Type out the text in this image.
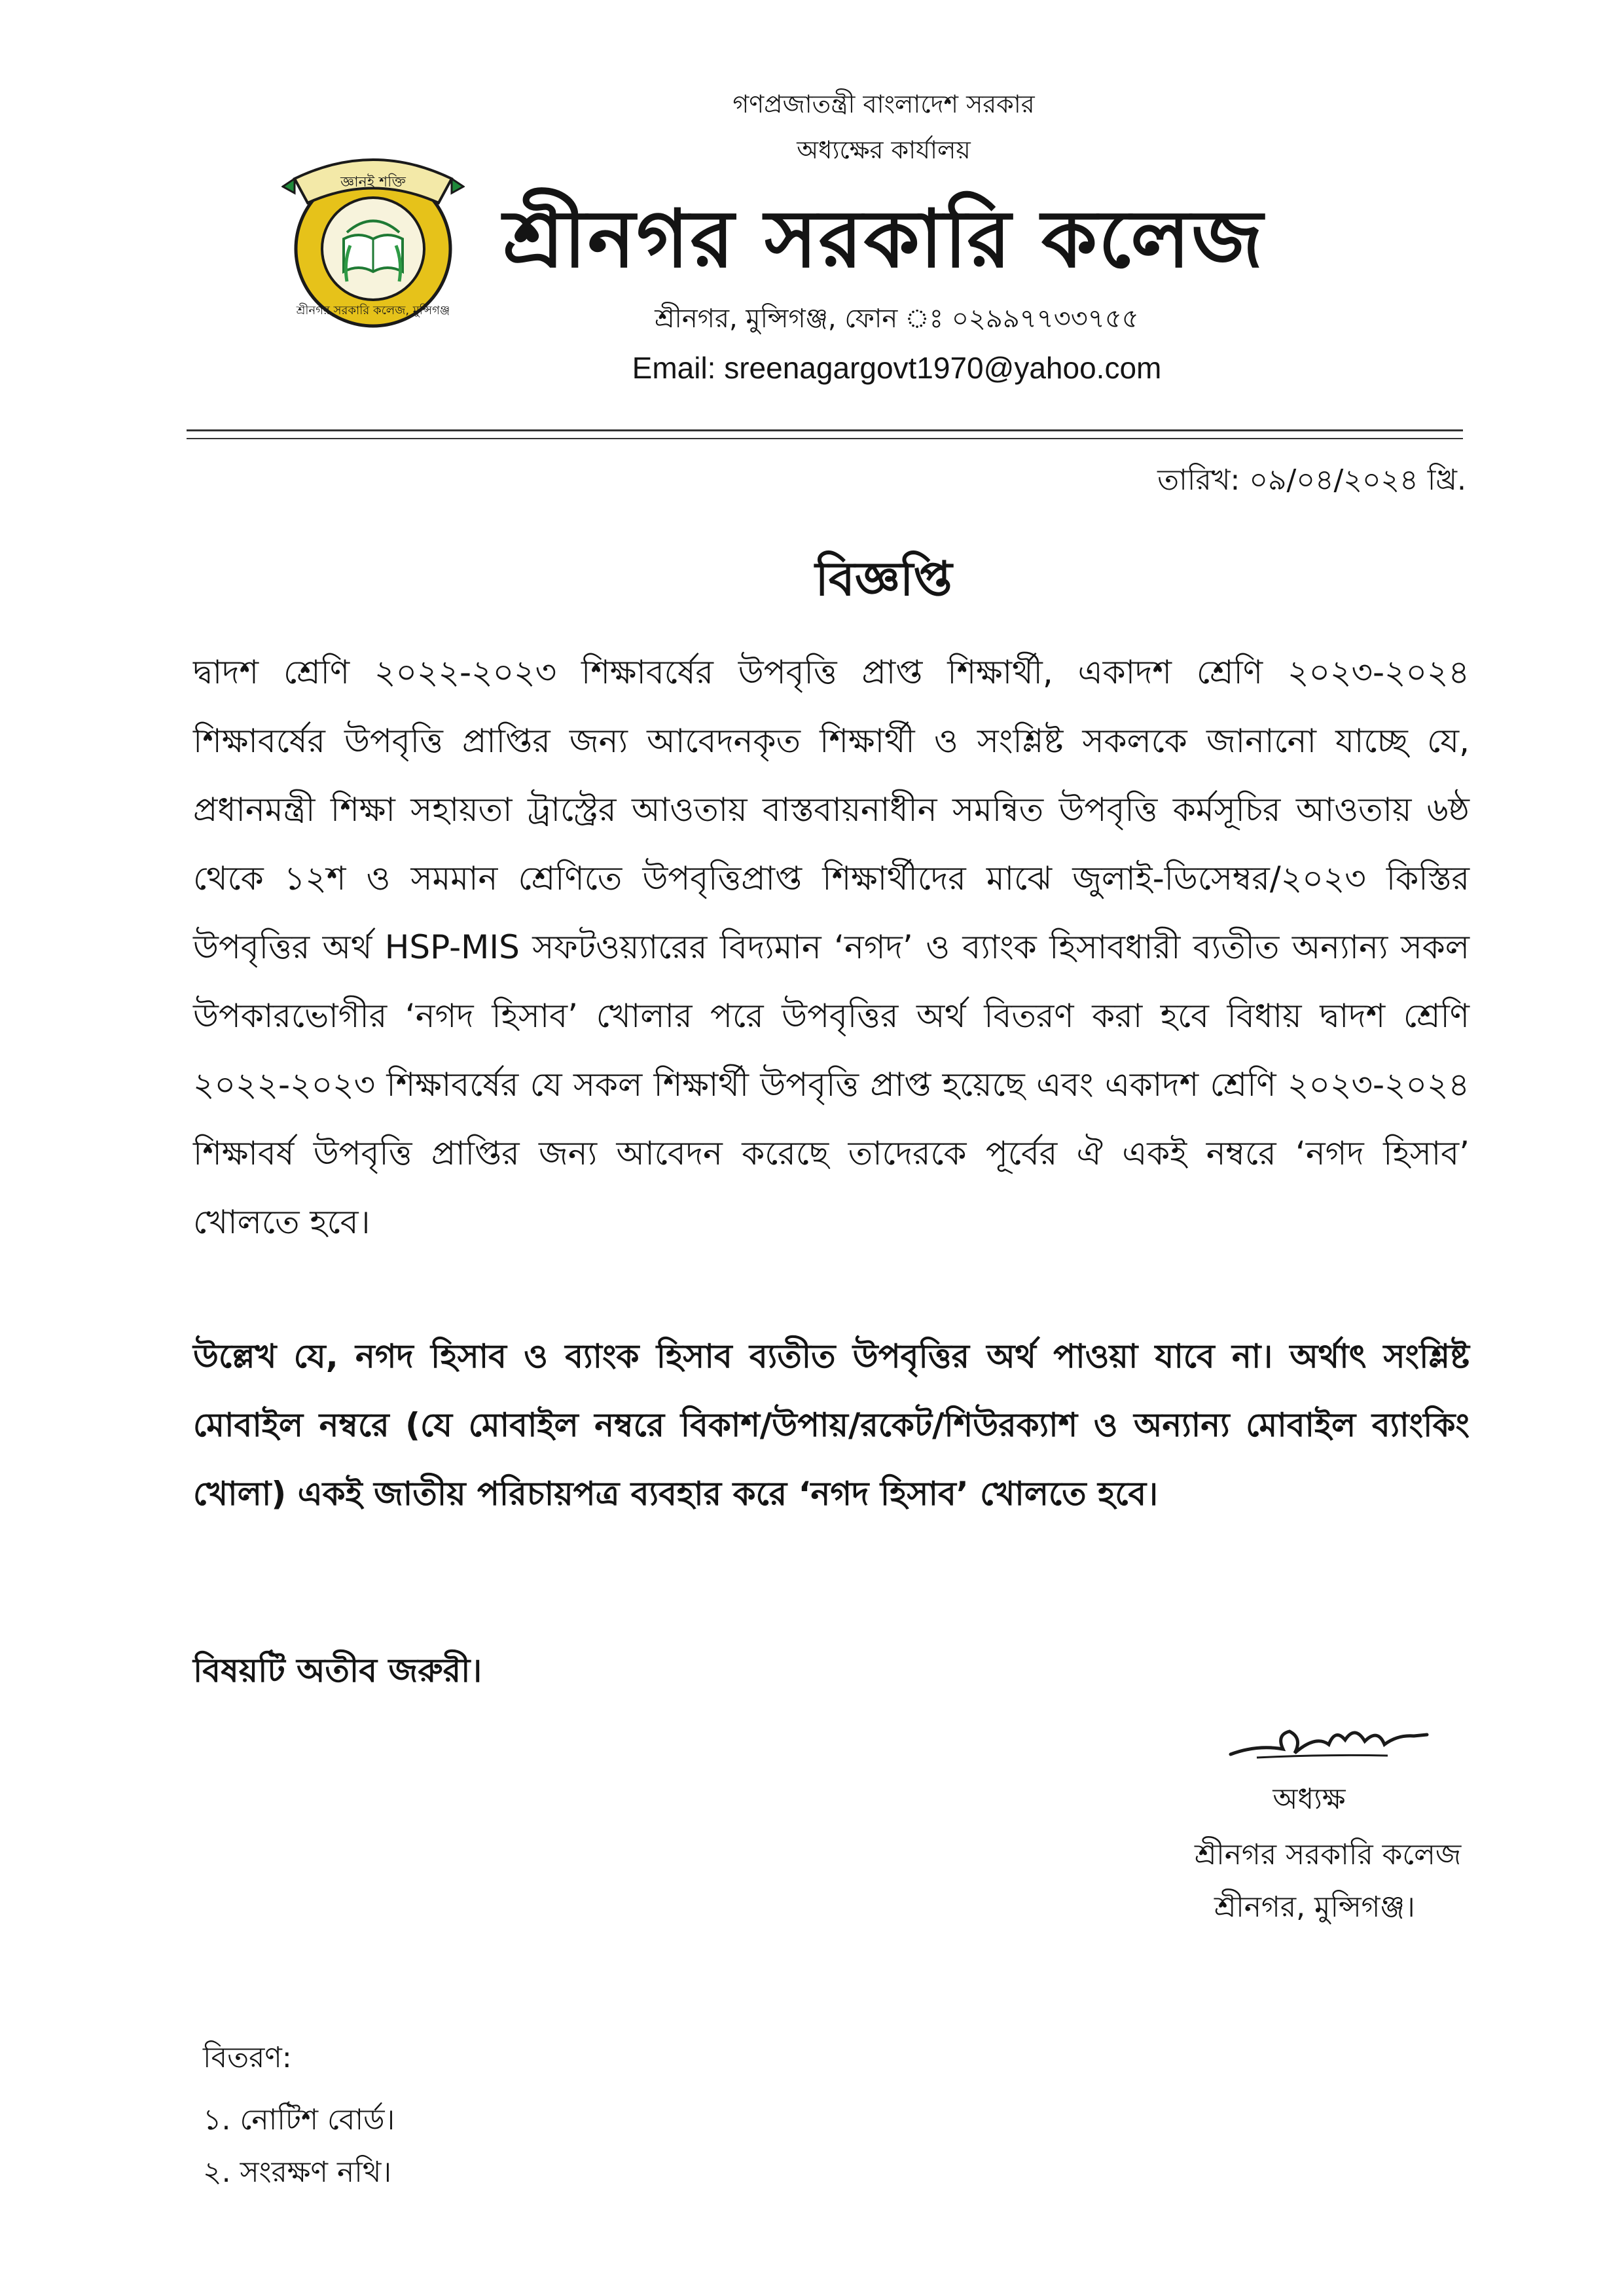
জ্ঞানই শক্তি
শ্রীনগর সরকারি কলেজ, মুন্সিগঞ্জ
গণপ্রজাতন্ত্রী বাংলাদেশ সরকার
অধ্যক্ষের কার্যালয়
শ্রীনগর সরকারি কলেজ
শ্রীনগর, মুন্সিগঞ্জ, ফোন ঃ ০২৯৯৭৭৩৩৭৫৫
Email: sreenagargovt1970@yahoo.com
তারিখ: ০৯/০৪/২০২৪ খ্রি.
বিজ্ঞপ্তি
দ্বাদশ শ্রেণি ২০২২-২০২৩ শিক্ষাবর্ষের উপবৃত্তি প্রাপ্ত শিক্ষার্থী, একাদশ শ্রেণি ২০২৩-২০২৪ শিক্ষাবর্ষের উপবৃত্তি প্রাপ্তির জন্য আবেদনকৃত শিক্ষার্থী ও সংশ্লিষ্ট সকলকে জানানো যাচ্ছে যে, প্রধানমন্ত্রী শিক্ষা সহায়তা ট্রাস্ট্রের আওতায় বাস্তবায়নাধীন সমন্বিত উপবৃত্তি কর্মসূচির আওতায় ৬ষ্ঠ থেকে ১২শ ও সমমান শ্রেণিতে উপবৃত্তিপ্রাপ্ত শিক্ষার্থীদের মাঝে জুলাই-ডিসেম্বর/২০২৩ কিস্তির উপবৃত্তির অর্থ HSP-MIS সফটওয়্যারের বিদ্যমান ‘নগদ’ ও ব্যাংক হিসাবধারী ব্যতীত অন্যান্য সকল উপকারভোগীর ‘নগদ হিসাব’ খোলার পরে উপবৃত্তির অর্থ বিতরণ করা হবে বিধায় দ্বাদশ শ্রেণি ২০২২-২০২৩ শিক্ষাবর্ষের যে সকল শিক্ষার্থী উপবৃত্তি প্রাপ্ত হয়েছে এবং একাদশ শ্রেণি ২০২৩-২০২৪ শিক্ষাবর্ষ উপবৃত্তি প্রাপ্তির জন্য আবেদন করেছে তাদেরকে পূর্বের ঐ একই নম্বরে ‘নগদ হিসাব’ খোলতে হবে।
উল্লেখ যে, নগদ হিসাব ও ব্যাংক হিসাব ব্যতীত উপবৃত্তির অর্থ পাওয়া যাবে না। অর্থাৎ সংশ্লিষ্ট মোবাইল নম্বরে (যে মোবাইল নম্বরে বিকাশ/উপায়/রকেট/শিউরক্যাশ ও অন্যান্য মোবাইল ব্যাংকিং খোলা) একই জাতীয় পরিচায়পত্র ব্যবহার করে ‘নগদ হিসাব’ খোলতে হবে।
বিষয়টি অতীব জরুরী।
অধ্যক্ষ
শ্রীনগর সরকারি কলেজ
শ্রীনগর, মুন্সিগঞ্জ।
বিতরণ:
১. নোটিশ বোর্ড।
২. সংরক্ষণ নথি।
